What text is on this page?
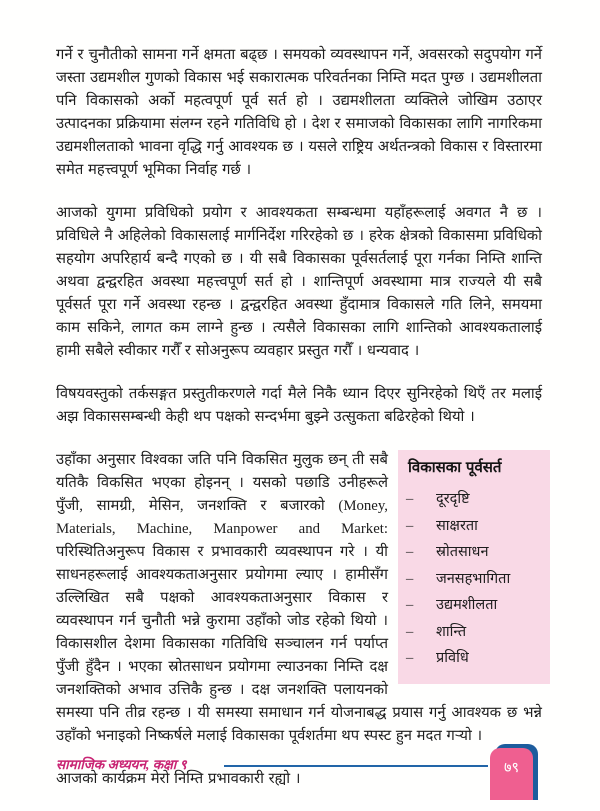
गर्ने र चुनौतीको सामना गर्ने क्षमता बढ्छ । समयको व्यवस्थापन गर्ने, अवसरको सदुपयोग गर्ने जस्ता उद्यमशील गुणको विकास भई सकारात्मक परिवर्तनका निम्ति मदत पुग्छ । उद्यमशीलता पनि विकासको अर्को महत्वपूर्ण पूर्व सर्त हो । उद्यमशीलता व्यक्तिले जोखिम उठाएर उत्पादनका प्रक्रियामा संलग्न रहने गतिविधि हो । देश र समाजको विकासका लागि नागरिकमा उद्यमशीलताको भावना वृद्धि गर्नु आवश्यक छ । यसले राष्ट्रिय अर्थतन्त्रको विकास र विस्तारमा समेत महत्त्वपूर्ण भूमिका निर्वाह गर्छ ।

आजको युगमा प्रविधिको प्रयोग र आवश्यकता सम्बन्धमा यहाँहरूलाई अवगत नै छ । प्रविधिले नै अहिलेको विकासलाई मार्गनिर्देश गरिरहेको छ । हरेक क्षेत्रको विकासमा प्रविधिको सहयोग अपरिहार्य बन्दै गएको छ । यी सबै विकासका पूर्वसर्तलाई पूरा गर्नका निम्ति शान्ति अथवा द्वन्द्वरहित अवस्था महत्त्वपूर्ण सर्त हो । शान्तिपूर्ण अवस्थामा मात्र राज्यले यी सबै पूर्वसर्त पूरा गर्ने अवस्था रहन्छ । द्वन्द्वरहित अवस्था हुँदामात्र विकासले गति लिने, समयमा काम सकिने, लागत कम लाग्ने हुन्छ । त्यसैले विकासका लागि शान्तिको आवश्यकतालाई हामी सबैले स्वीकार गरौँ र सोअनुरूप व्यवहार प्रस्तुत गरौँ । धन्यवाद ।

विषयवस्तुको तर्कसङ्गत प्रस्तुतीकरणले गर्दा मैले निकै ध्यान दिएर सुनिरहेको थिएँ तर मलाई अझ विकाससम्बन्धी केही थप पक्षको सन्दर्भमा बुझ्ने उत्सुकता बढिरहेको थियो ।

विकासका पूर्वसर्त
–	दूरदृष्टि
–	साक्षरता
–	स्रोतसाधन
–	जनसहभागिता
–	उद्यमशीलता
–	शान्ति
–	प्रविधि
उहाँका अनुसार विश्वका जति पनि विकसित मुलुक छन् ती सबै यतिकै विकसित भएका होइनन् । यसको पछाडि उनीहरूले पुँजी, सामग्री, मेसिन, जनशक्ति र बजारको (Money, Materials, Machine, Manpower and Market: परिस्थितिअनुरूप विकास र प्रभावकारी व्यवस्थापन गरे । यी साधनहरूलाई आवश्यकताअनुसार प्रयोगमा ल्याए । हामीसँग उल्लिखित सबै पक्षको आवश्यकताअनुसार विकास र व्यवस्थापन गर्न चुनौती भन्ने कुरामा उहाँको जोड रहेको थियो । विकासशील देशमा विकासका गतिविधि सञ्चालन गर्न पर्याप्त पुँजी हुँदैन । भएका स्रोतसाधन प्रयोगमा ल्याउनका निम्ति दक्ष जनशक्तिको अभाव उत्तिकै हुन्छ । दक्ष जनशक्ति पलायनको समस्या पनि तीव्र रहन्छ । यी समस्या समाधान गर्न योजनाबद्ध प्रयास गर्नु आवश्यक छ भन्ने उहाँको भनाइको निष्कर्षले मलाई विकासका पूर्वशर्तमा थप स्पस्ट हुन मदत गऱ्यो ।

आजको कार्यक्रम मेरो निम्ति प्रभावकारी रह्यो ।

सामाजिक अध्ययन, कक्षा ९	७९
